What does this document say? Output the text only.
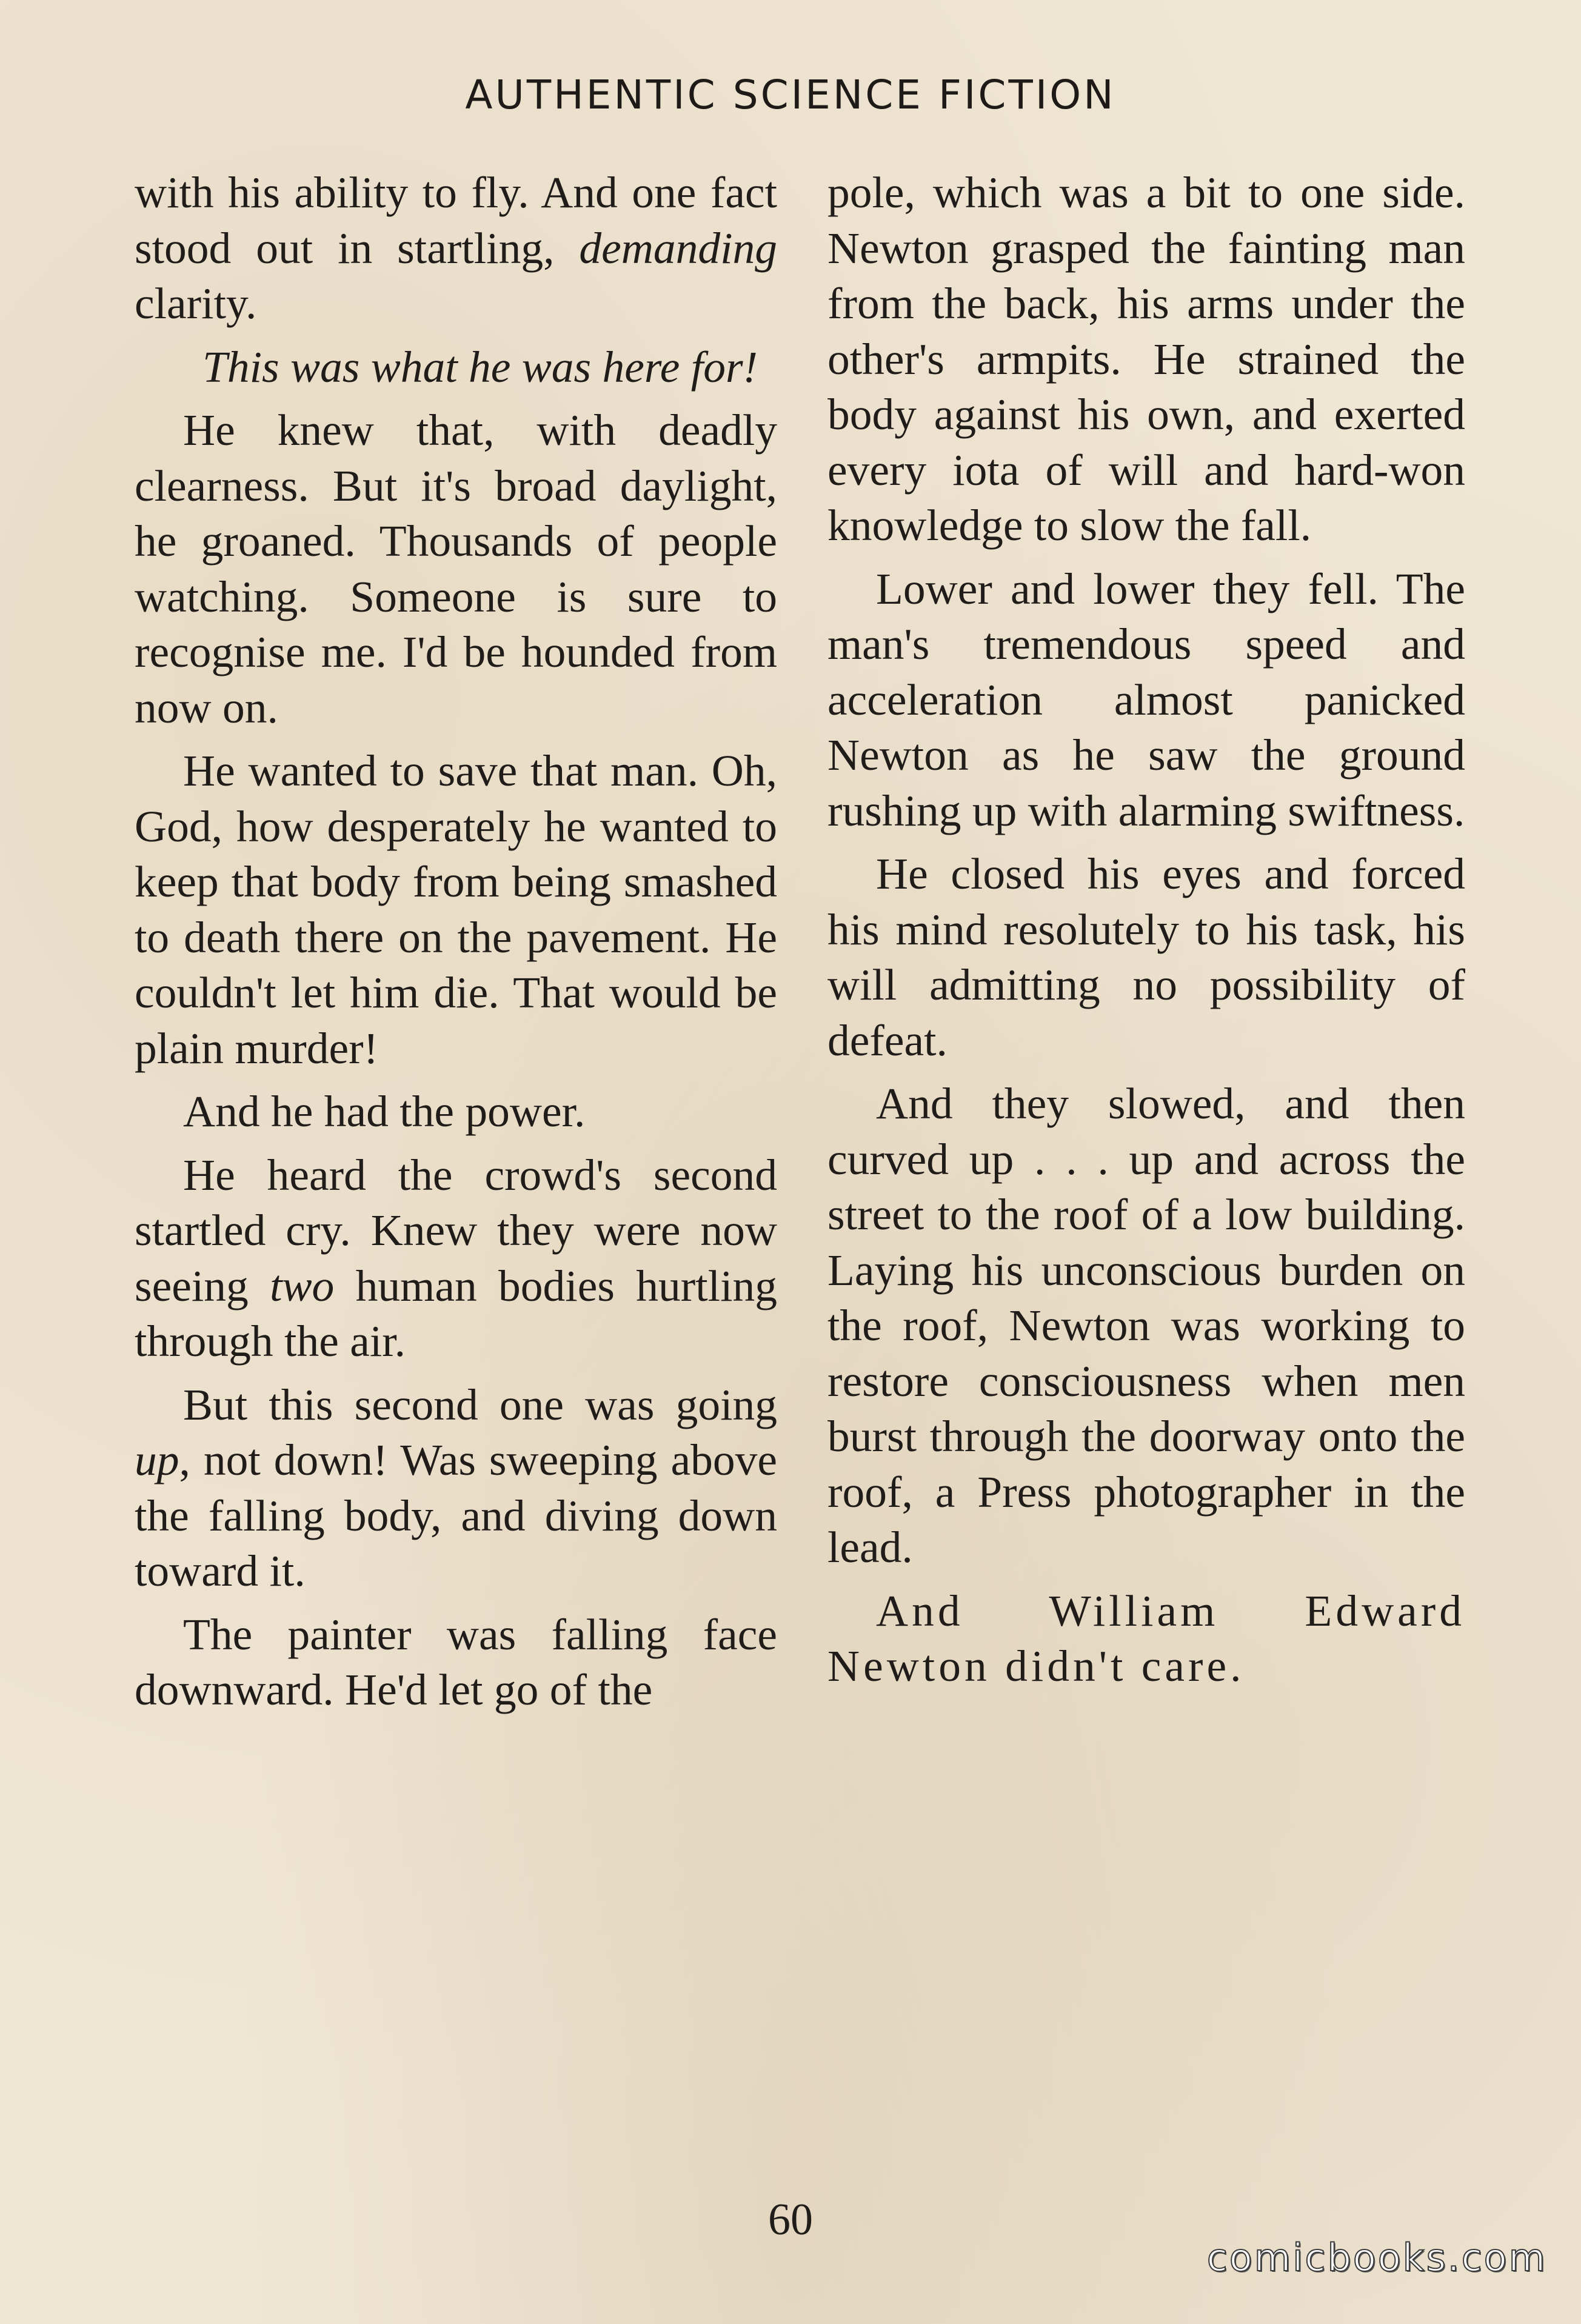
AUTHENTIC SCIENCE FICTION

with his ability to fly. And one fact stood out in startling, demanding clarity.

This was what he was here for!

He knew that, with deadly clearness. But it's broad daylight, he groaned. Thousands of people watching. Someone is sure to recognise me. I'd be hounded from now on.

He wanted to save that man. Oh, God, how desperately he wanted to keep that body from being smashed to death there on the pavement. He couldn't let him die. That would be plain murder!

And he had the power.

He heard the crowd's second startled cry. Knew they were now seeing two human bodies hurtling through the air.

But this second one was going up, not down! Was sweeping above the falling body, and diving down toward it.

The painter was falling face downward. He'd let go of the

pole, which was a bit to one side. Newton grasped the fainting man from the back, his arms under the other's armpits. He strained the body against his own, and exerted every iota of will and hard-won knowledge to slow the fall.

Lower and lower they fell. The man's tremendous speed and acceleration almost panicked Newton as he saw the ground rushing up with alarming swiftness.

He closed his eyes and forced his mind resolutely to his task, his will admitting no possibility of defeat.

And they slowed, and then curved up . . . up and across the street to the roof of a low building. Laying his unconscious burden on the roof, Newton was working to restore consciousness when men burst through the doorway onto the roof, a Press photographer in the lead.

And William Edward Newton didn't care.

60
comicbooks.com
